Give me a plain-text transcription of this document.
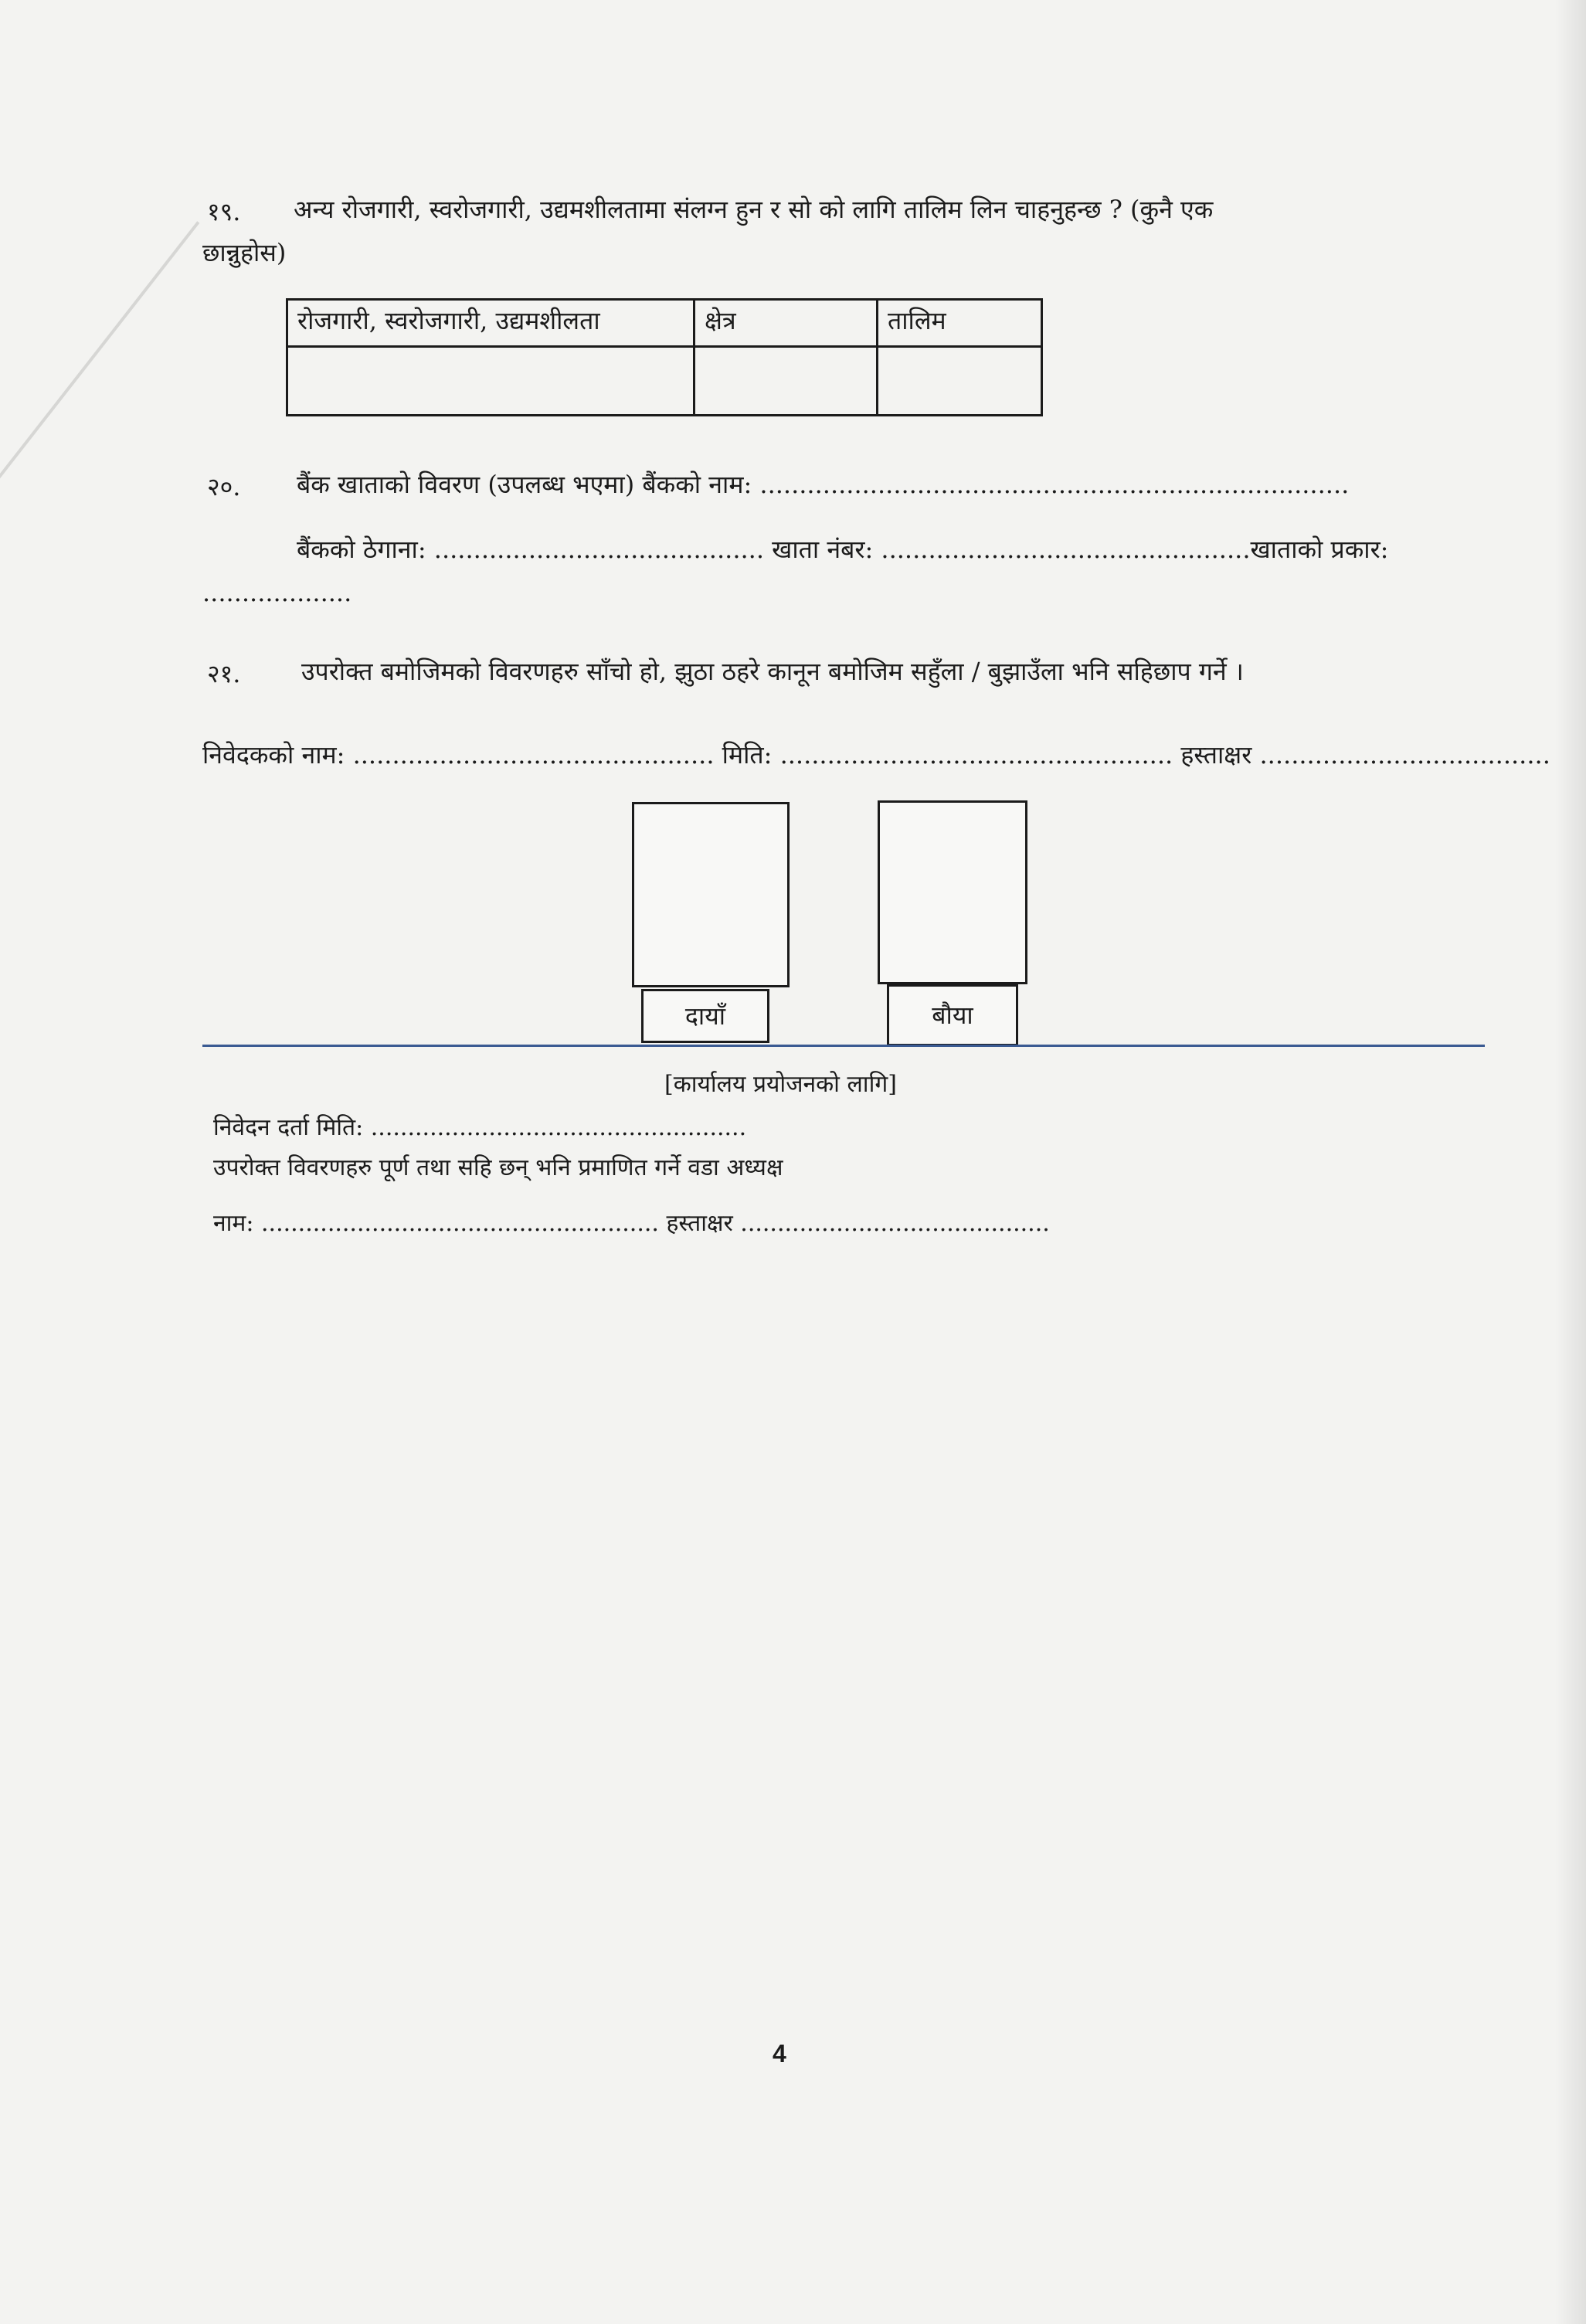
१९. अन्य रोजगारी, स्वरोजगारी, उद्यमशीलतामा संलग्न हुन र सो को लागि तालिम लिन चाहनुहन्छ ? (कुनै एक
छान्नुहोस)
रोजगारी, स्वरोजगारी, उद्यमशीलता	क्षेत्र	तालिम

२०. बैंक खाताको विवरण (उपलब्ध भएमा) बैंकको नाम: ...........................................................................
बैंकको ठेगाना: .......................................... खाता नंबर: ...............................................खाताको प्रकार:
...................
२१. उपरोक्त बमोजिमको विवरणहरु साँचो हो, झुठा ठहरे कानून बमोजिम सहुँला / बुझाउँला भनि सहिछाप गर्ने ।
निवेदकको नाम: .............................................. मिति: .................................................. हस्ताक्षर .....................................
दायाँ	बौया
[कार्यालय प्रयोजनको लागि]
निवेदन दर्ता मिति: ...................................................
उपरोक्त विवरणहरु पूर्ण तथा सहि छन् भनि प्रमाणित गर्ने वडा अध्यक्ष
नाम: ...................................................... हस्ताक्षर ..........................................
4
